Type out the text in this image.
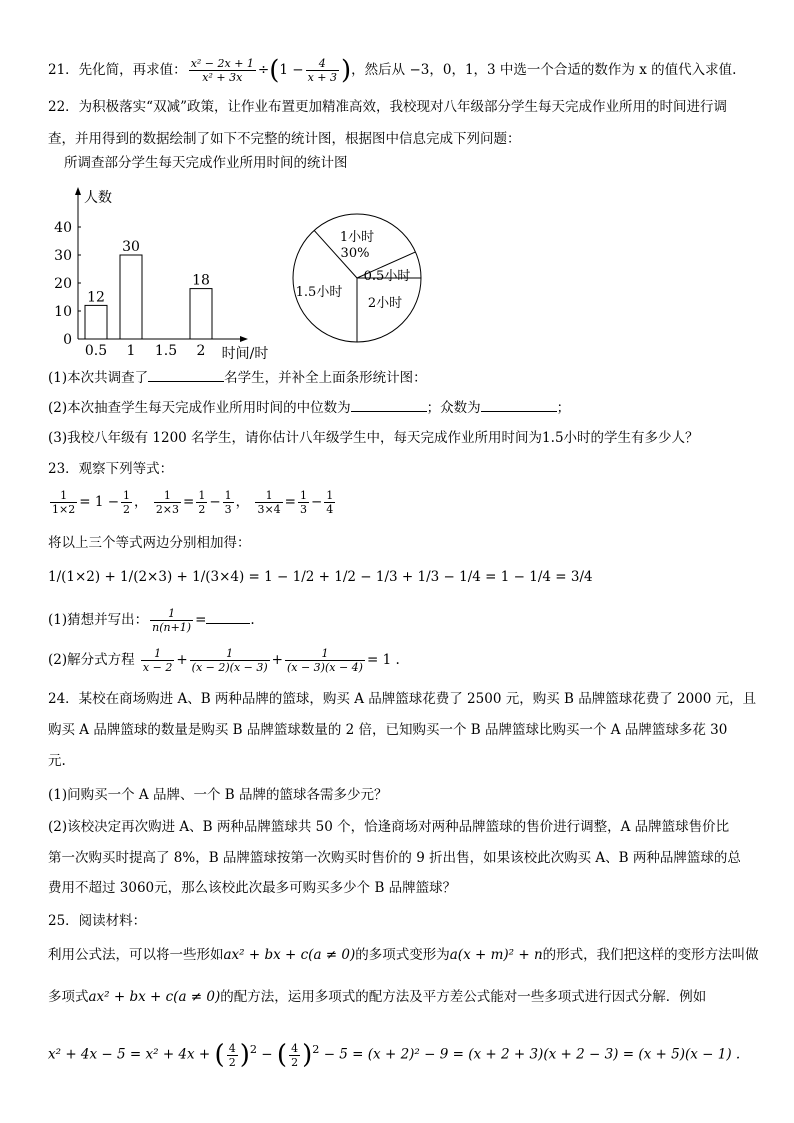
21．先化简，再求值： $\frac{\text{x² − 2x + 1}}{\text{x² + 3x}} \div(1 - \frac{4}{x + 3}$ )，然后从 −3，0，1，3 中选一个合适的数作为 x 的值代入求值.
22．为积极落实“双减”政策，让作业布置更加精准高效，我校现对八年级部分学生每天完成作业所用的时间进行调
查，并用得到的数据绘制了如下不完整的统计图，根据图中信息完成下列问题：
所调查部分学生每天完成作业所用时间的统计图
人数
0
10
20
30
40
0.5
12
1
30
1.5 2
18
时间/时
1小时
30%
0.5小时
2小时
1.5小时
(1)本次共调查了	名学生，并补全上面条形统计图：
(2)本次抽查学生每天完成作业所用时间的中位数为	；众数为	；
(3)我校八年级有 1200 名学生，请你估计八年级学生中，每天完成作业所用时间为1.5小时的学生有多少人？
23．观察下列等式：
$\frac{1}{1\times 2} = 1 - \frac{1}{2}$ ， $\frac{1}{2\times 3} = \frac{1}{2} - \frac{1}{3}$ ， $\frac{1}{3\times 4} = \frac{1}{3} - \frac{1}{4}$
将以上三个等式两边分别相加得：
1/(1×2) + 1/(2×3) + 1/(3×4) = 1 − 1/2 + 1/2 − 1/3 + 1/3 − 1/4 = 1 − 1/4 = 3/4
(1)猜想并写出： $\frac{1}{n(n+1)}$ =	.
(2)解分式方程 $\frac{1}{x - 2} + \frac{1}{(x - 2)(x - 3)} + \frac{1}{(x - 3)(x - 4)} = 1$ .
24．某校在商场购进 A、B 两种品牌的篮球，购买 A 品牌篮球花费了 2500 元，购买 B 品牌篮球花费了 2000 元，且
购买 A 品牌篮球的数量是购买 B 品牌篮球数量的 2 倍，已知购买一个 B 品牌篮球比购买一个 A 品牌篮球多花 30
元.
(1)问购买一个 A 品牌、一个 B 品牌的篮球各需多少元？
(2)该校决定再次购进 A、B 两种品牌篮球共 50 个，恰逢商场对两种品牌篮球的售价进行调整，A 品牌篮球售价比
第一次购买时提高了 8%，B 品牌篮球按第一次购买时售价的 9 折出售，如果该校此次购买 A、B 两种品牌篮球的总
费用不超过 3060元，那么该校此次最多可购买多少个 B 品牌篮球？
25．阅读材料：
利用公式法，可以将一些形如ax² + bx + c(a ≠ 0)的多项式变形为a(x + m)² + n的形式，我们把这样的变形方法叫做
多项式ax² + bx + c(a ≠ 0)的配方法，运用多项式的配方法及平方差公式能对一些多项式进行因式分解．例如
x² + 4x − 5 = x² + 4x + ( $\frac{4}{2} )^2$ − ( $\frac{4}{2} )^2 - 5 = (x + 2)^2 - 9 = (x + 2 + 3)(x + 2 - 3) = (x + 5)(x - 1)$ .
